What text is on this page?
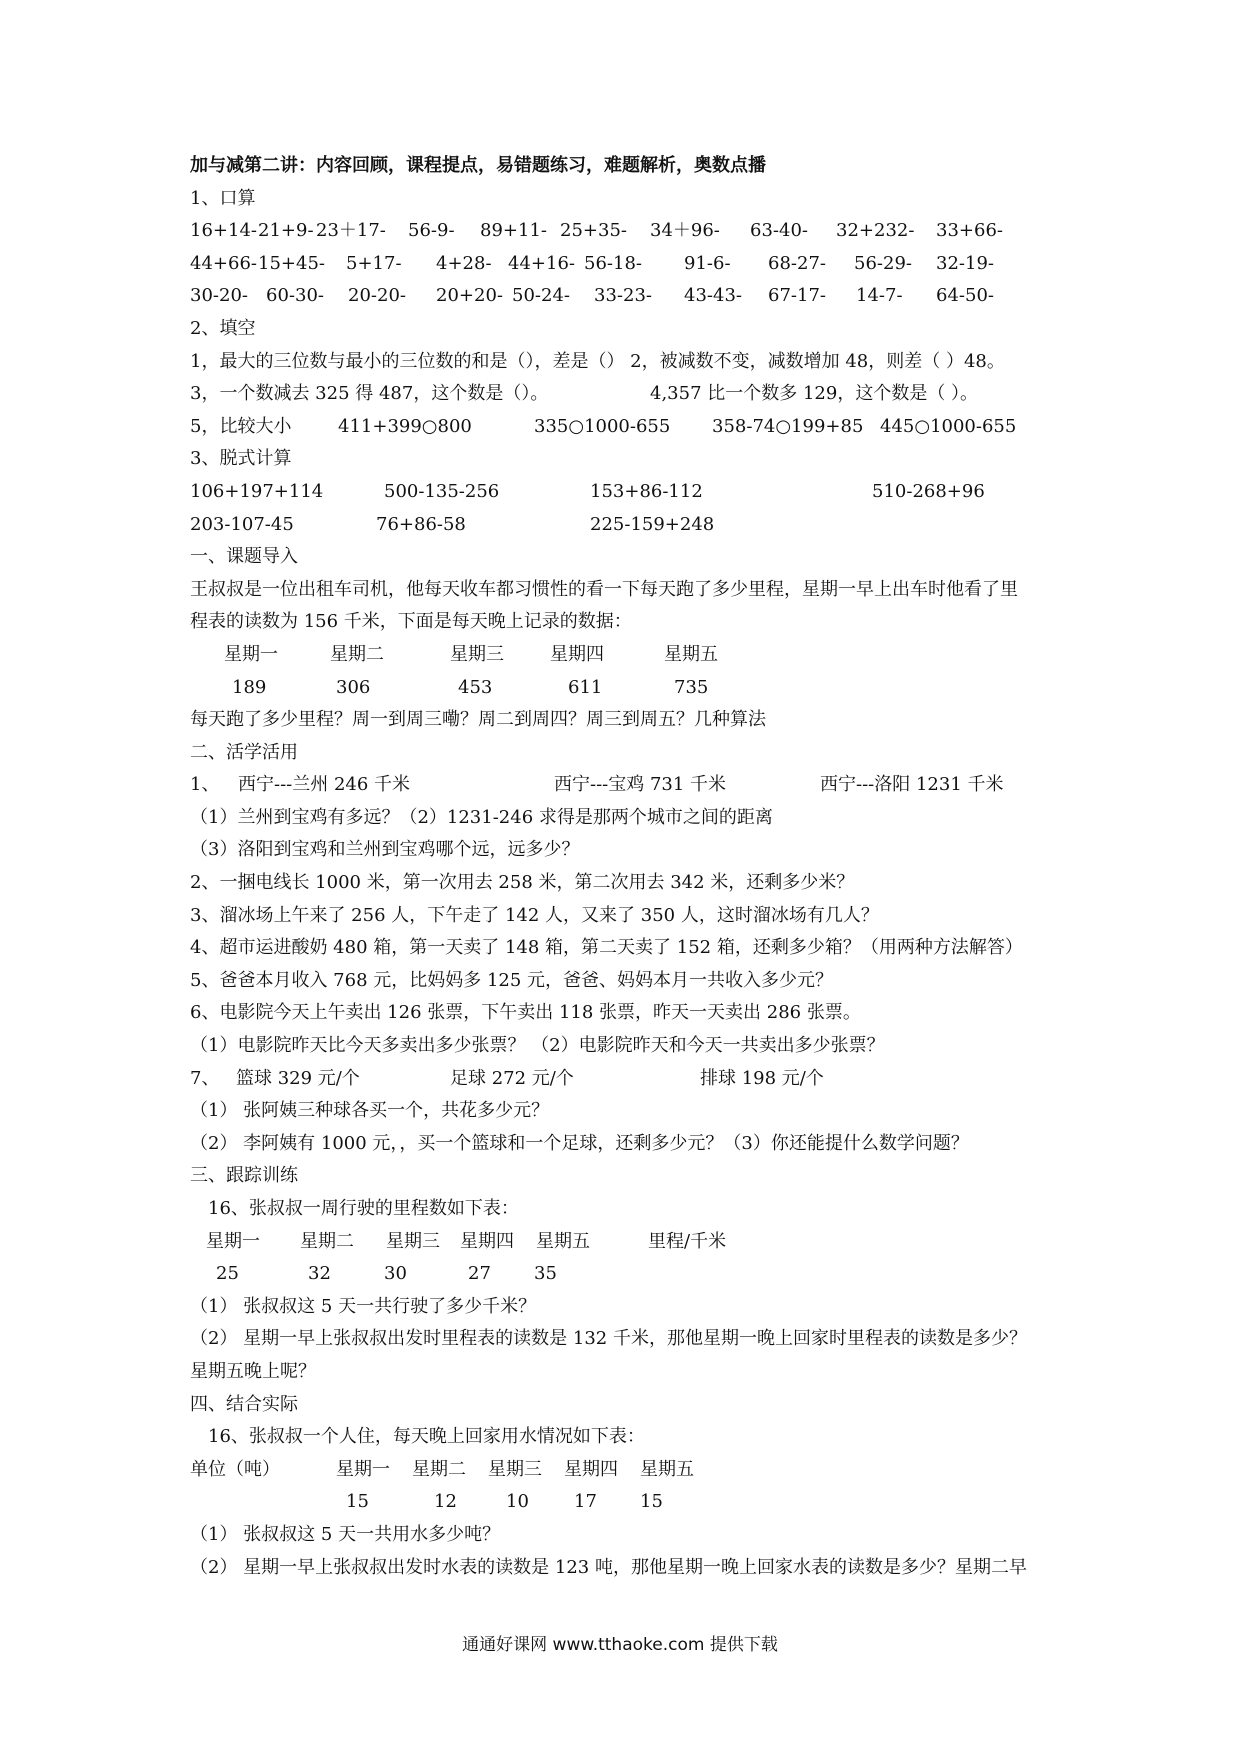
加与减第二讲：内容回顾，课程提点，易错题练习，难题解析，奥数点播
1、口算
16+14- 21+9- 23＋17- 56-9- 89+11- 25+35- 34＋96- 63-40- 32+232- 33+66-
44+66- 15+45- 5+17- 4+28- 44+16- 56-18- 91-6- 68-27- 56-29- 32-19-
30-20- 60-30- 20-20- 20+20- 50-24- 33-23- 43-43- 67-17- 14-7- 64-50-
2、填空
1，最大的三位数与最小的三位数的和是（），差是（） 2，被减数不变，减数增加 48，则差（ ）48。
3，一个数减去 325 得 487，这个数是（）。	4,357 比一个数多 129，这个数是（ ）。
5，比较大小	411+399○800	335○1000-655 358-74○199+85 445○1000-655
3、脱式计算
106+197+114	500-135-256	153+86-112	510-268+96
203-107-45	76+86-58	225-159+248
一、课题导入
王叔叔是一位出租车司机，他每天收车都习惯性的看一下每天跑了多少里程，星期一早上出车时他看了里
程表的读数为 156 千米，下面是每天晚上记录的数据：
星期一	星期二	星期三	星期四	星期五
189	306	453	611	735
每天跑了多少里程？周一到周三嘞？周二到周四？周三到周五？几种算法
二、活学活用
1、 西宁---兰州 246 千米	西宁---宝鸡 731 千米	西宁---洛阳 1231 千米
（1）兰州到宝鸡有多远？（2）1231-246 求得是那两个城市之间的距离
（3）洛阳到宝鸡和兰州到宝鸡哪个远，远多少？
2、一捆电线长 1000 米，第一次用去 258 米，第二次用去 342 米，还剩多少米？
3、溜冰场上午来了 256 人，下午走了 142 人，又来了 350 人，这时溜冰场有几人？
4、超市运进酸奶 480 箱，第一天卖了 148 箱，第二天卖了 152 箱，还剩多少箱？（用两种方法解答）
5、爸爸本月收入 768 元，比妈妈多 125 元，爸爸、妈妈本月一共收入多少元？
6、电影院今天上午卖出 126 张票，下午卖出 118 张票，昨天一天卖出 286 张票。
（1）电影院昨天比今天多卖出多少张票？ （2）电影院昨天和今天一共卖出多少张票？
7、 篮球 329 元/个	足球 272 元/个	排球 198 元/个
（1） 张阿姨三种球各买一个，共花多少元？
（2） 李阿姨有 1000 元，，买一个篮球和一个足球，还剩多少元？（3）你还能提什么数学问题？
三、跟踪训练
16、张叔叔一周行驶的里程数如下表：
星期一 星期二 星期三 星期四 星期五	里程/千米
25	32	30	27 35
（1） 张叔叔这 5 天一共行驶了多少千米？
（2） 星期一早上张叔叔出发时里程表的读数是 132 千米，那他星期一晚上回家时里程表的读数是多少？
星期五晚上呢？
四、结合实际
16、张叔叔一个人住，每天晚上回家用水情况如下表：
单位（吨）	星期一 星期二 星期三 星期四 星期五
15	12	10	17 15
（1） 张叔叔这 5 天一共用水多少吨？
（2） 星期一早上张叔叔出发时水表的读数是 123 吨，那他星期一晚上回家水表的读数是多少？星期二早
通通好课网 www.tthaoke.com 提供下载
